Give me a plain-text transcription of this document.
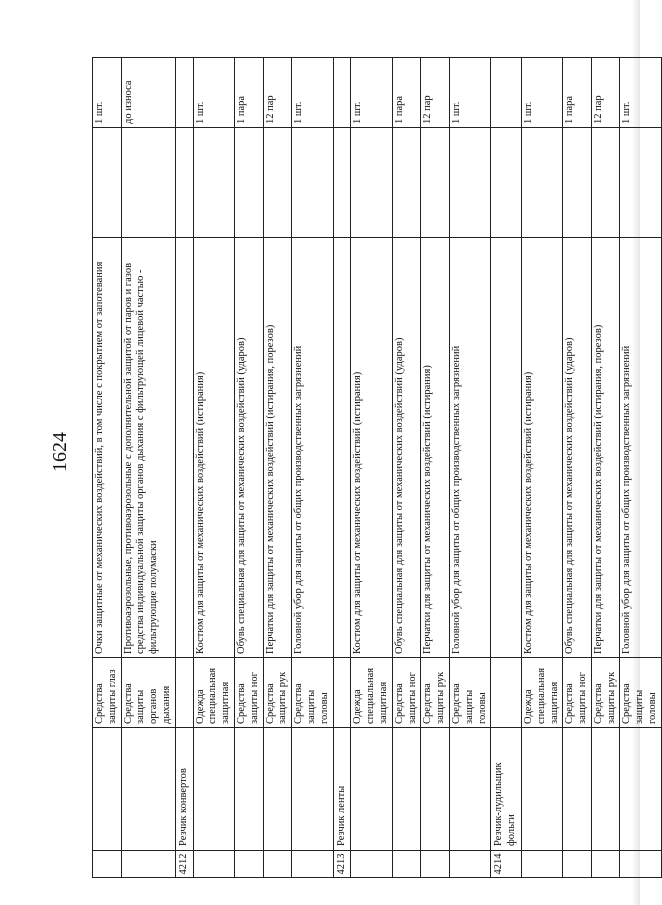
1624
		Средства защиты глаз	Очки защитные от механических воздействий, в том числе с покрытием от запотевания		1 шт.
		Средства защиты органов дыхания	Противоаэрозольные, противоаэрозольные с дополнительной защитой от паров и газов средства индивидуальной защиты органов дыхания с фильтрующей лицевой частью - фильтрующие полумаски		до износа
4212	Резчик конвертов				
		Одежда специальная защитная	Костюм для защиты от механических воздействий (истирания)		1 шт.
		Средства защиты ног	Обувь специальная для защиты от механических воздействий (ударов)		1 пара
		Средства защиты рук	Перчатки для защиты от механических воздействий (истирания, порезов)		12 пар
		Средства защиты головы	Головной убор для защиты от общих производственных загрязнений		1 шт.
4213	Резчик ленты				
		Одежда специальная защитная	Костюм для защиты от механических воздействий (истирания)		1 шт.
		Средства защиты ног	Обувь специальная для защиты от механических воздействий (ударов)		1 пара
		Средства защиты рук	Перчатки для защиты от механических воздействий (истирания)		12 пар
		Средства защиты головы	Головной убор для защиты от общих производственных загрязнений		1 шт.
4214	Резчик-лудильщик фольги				
		Одежда специальная защитная	Костюм для защиты от механических воздействий (истирания)		1 шт.
		Средства защиты ног	Обувь специальная для защиты от механических воздействий (ударов)		1 пара
		Средства защиты рук	Перчатки для защиты от механических воздействий (истирания, порезов)		12 пар
		Средства защиты головы	Головной убор для защиты от общих производственных загрязнений		1 шт.
